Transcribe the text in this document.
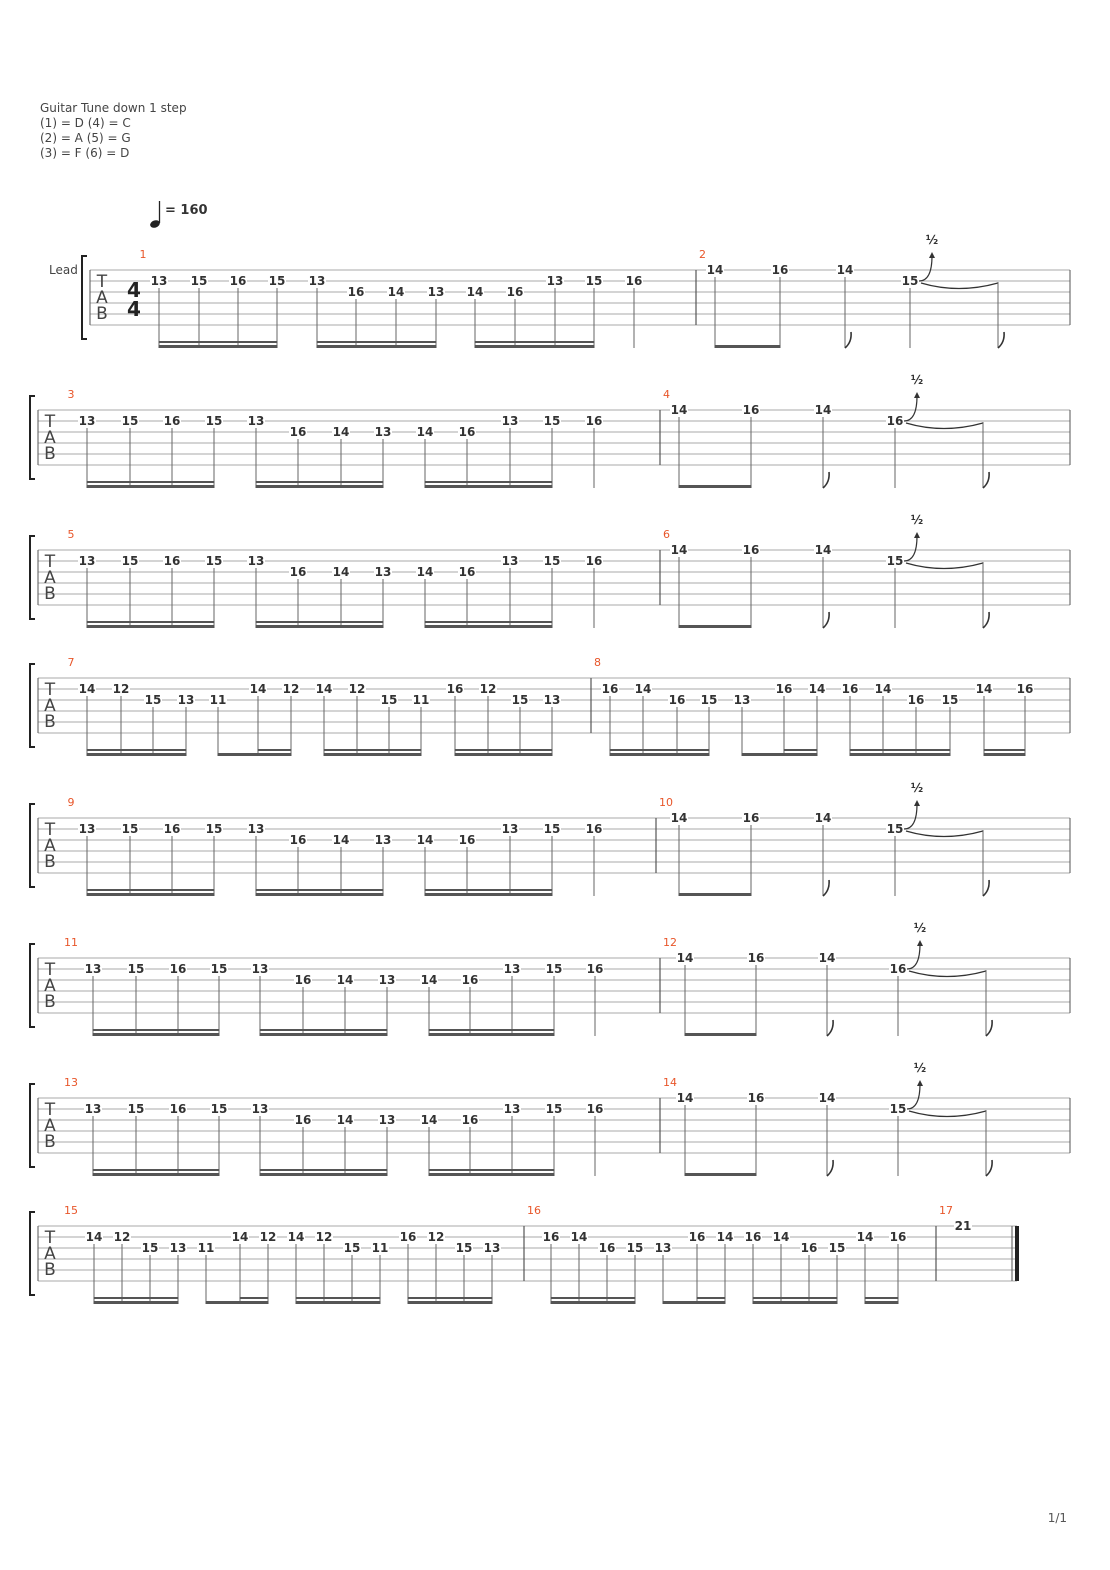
Guitar Tune down 1 step
(1) = D (4) = C
(2) = A (5) = G
(3) = F (6) = D
= 160
Lead
T
A
B
4
4
1	2
13 15 16 15 13
16 14 13 14 16
13 15 16
14	16	14
15
½
T
A
B
3	4
13 15 16 15 13
16 14 13 14 16
13 15 16
14	16	14
16
½
T
A
B
5	6
13 15 16 15 13
16 14 13 14 16
13 15 16
14	16	14
15
½
T
A
B
7	8
14 12
15 13 11
14 12 14 12
15 11
16 12
15 13
16 14
16 15 13
16 14 16 14
16 15
14 16
T
A
B
9	10
13 15 16 15 13
16 14 13 14 16
13 15 16
14	16	14
15
½
T
A
B
11	12
13 15 16 15 13
16 14 13 14 16
13 15 16
14	16	14
16
½
T
A
B
13	14
13 15 16 15 13
16 14 13 14 16
13 15 16
14	16	14
15
½
T
A
B
15	16	17
14 12
15 13 11
14 12 14 12
15 11
16 12
15 13
16 14
16 15 13
16 14 16 14
16 15
14 16
21
1/1
